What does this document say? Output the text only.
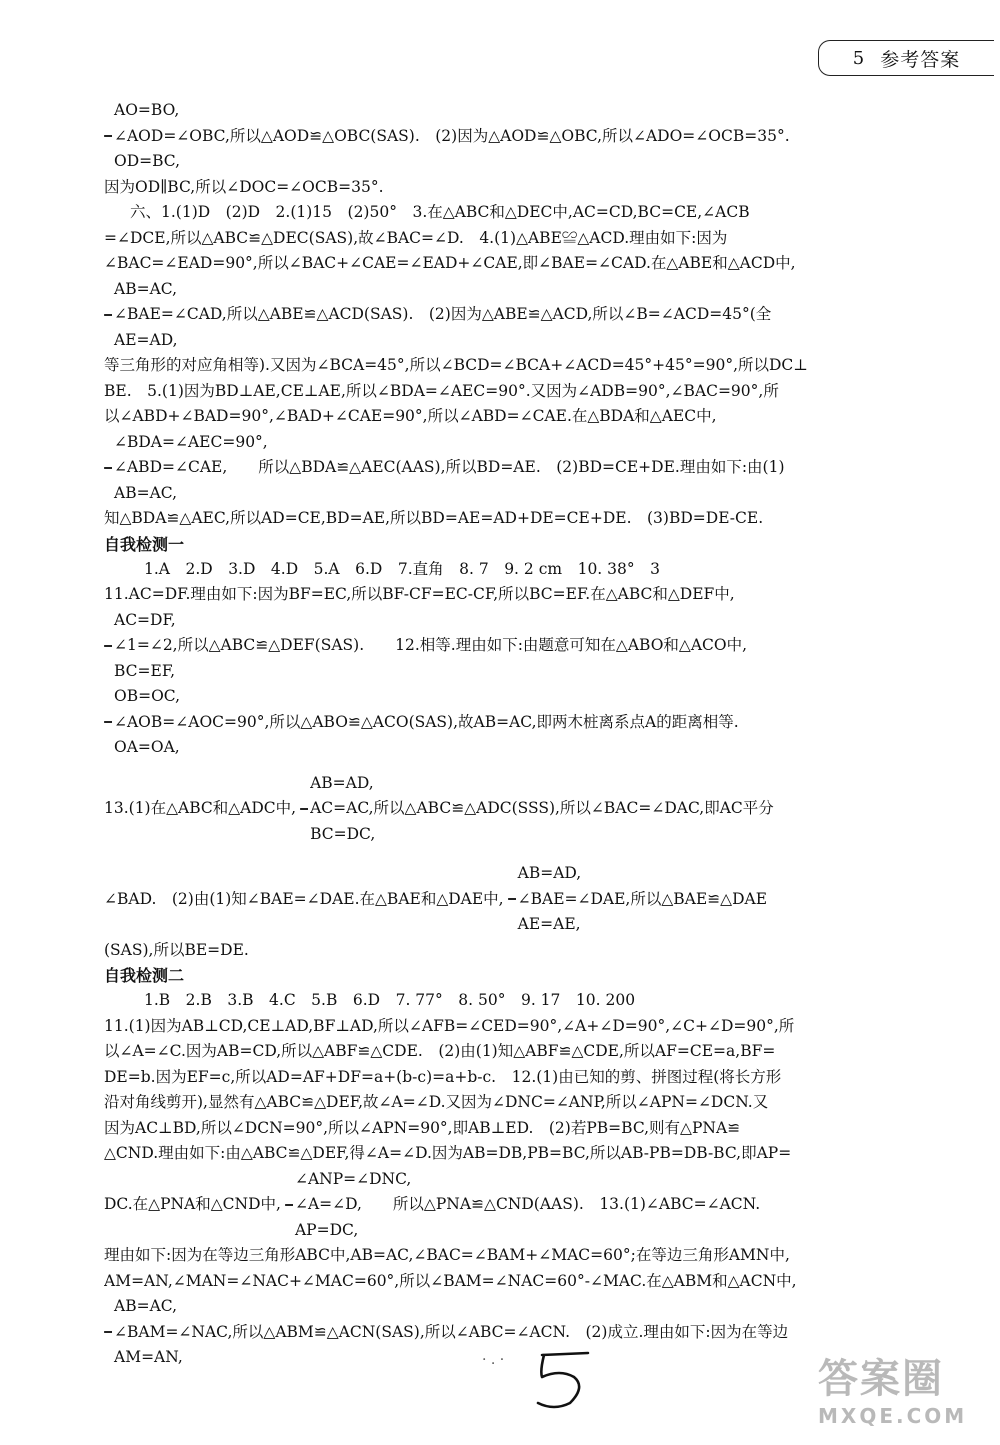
5 参考答案
AO=BO,
∠AOD=∠OBC,所以△AOD≌△OBC(SAS).　(2)因为△AOD≌△OBC,所以∠ADO=∠OCB=35°.
OD=BC,
因为OD∥BC,所以∠DOC=∠OCB=35°.
六、1.(1)D　(2)D　2.(1)15　(2)50°　3.在△ABC和△DEC中,AC=CD,BC=CE,∠ACB
=∠DCE,所以△ABC≌△DEC(SAS),故∠BAC=∠D.　4.(1)△ABE≌△ACD.理由如下:因为
∠BAC=∠EAD=90°,所以∠BAC+∠CAE=∠EAD+∠CAE,即∠BAE=∠CAD.在△ABE和△ACD中,
AB=AC,
∠BAE=∠CAD,所以△ABE≌△ACD(SAS).　(2)因为△ABE≌△ACD,所以∠B=∠ACD=45°(全
AE=AD,
等三角形的对应角相等).又因为∠BCA=45°,所以∠BCD=∠BCA+∠ACD=45°+45°=90°,所以DC⊥
BE.　5.(1)因为BD⊥AE,CE⊥AE,所以∠BDA=∠AEC=90°.又因为∠ADB=90°,∠BAC=90°,所
以∠ABD+∠BAD=90°,∠BAD+∠CAE=90°,所以∠ABD=∠CAE.在△BDA和△AEC中,
∠BDA=∠AEC=90°,
∠ABD=∠CAE,　　所以△BDA≌△AEC(AAS),所以BD=AE.　(2)BD=CE+DE.理由如下:由(1)
AB=AC,
知△BDA≌△AEC,所以AD=CE,BD=AE,所以BD=AE=AD+DE=CE+DE.　(3)BD=DE-CE.
自我检测一
1.A　2.D　3.D　4.D　5.A　6.D　7.直角　8. 7　9. 2 cm　10. 38°　3
11.AC=DF.理由如下:因为BF=EC,所以BF-CF=EC-CF,所以BC=EF.在△ABC和△DEF中,
AC=DF,
∠1=∠2,所以△ABC≌△DEF(SAS).　　12.相等.理由如下:由题意可知在△ABO和△ACO中,
BC=EF,
OB=OC,
∠AOB=∠AOC=90°,所以△ABO≌△ACO(SAS),故AB=AC,即两木桩离系点A的距离相等.
OA=OA,
13.(1)在△ABC和△ADC中,
AB=AD,
AC=AC,所以△ABC≌△ADC(SSS),所以∠BAC=∠DAC,即AC平分
BC=DC,
∠BAD.　(2)由(1)知∠BAE=∠DAE.在△BAE和△DAE中,
AB=AD,
∠BAE=∠DAE,所以△BAE≌△DAE
AE=AE,
(SAS),所以BE=DE.
自我检测二
1.B　2.B　3.B　4.C　5.B　6.D　7. 77°　8. 50°　9. 17　10. 200
11.(1)因为AB⊥CD,CE⊥AD,BF⊥AD,所以∠AFB=∠CED=90°,∠A+∠D=90°,∠C+∠D=90°,所
以∠A=∠C.因为AB=CD,所以△ABF≌△CDE.　(2)由(1)知△ABF≌△CDE,所以AF=CE=a,BF=
DE=b.因为EF=c,所以AD=AF+DF=a+(b-c)=a+b-c.　12.(1)由已知的剪、拼图过程(将长方形
沿对角线剪开),显然有△ABC≌△DEF,故∠A=∠D.又因为∠DNC=∠ANP,所以∠APN=∠DCN.又
因为AC⊥BD,所以∠DCN=90°,所以∠APN=90°,即AB⊥ED.　(2)若PB=BC,则有△PNA≌
△CND.理由如下:由△ABC≌△DEF,得∠A=∠D.因为AB=DB,PB=BC,所以AB-PB=DB-BC,即AP=
DC.在△PNA和△CND中,
∠ANP=∠DNC,
∠A=∠D,　　所以△PNA≌△CND(AAS).　13.(1)∠ABC=∠ACN.
AP=DC,
理由如下:因为在等边三角形ABC中,AB=AC,∠BAC=∠BAM+∠MAC=60°;在等边三角形AMN中,
AM=AN,∠MAN=∠NAC+∠MAC=60°,所以∠BAM=∠NAC=60°-∠MAC.在△ABM和△ACN中,
AB=AC,
∠BAM=∠NAC,所以△ABM≌△ACN(SAS),所以∠ABC=∠ACN.　(2)成立.理由如下:因为在等边
AM=AN,	· . ·	答案圈
MXQE.COM
